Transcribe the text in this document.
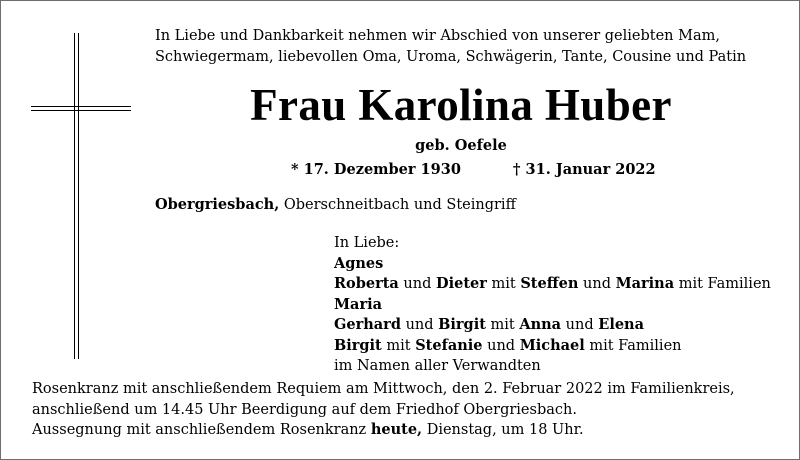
In Liebe und Dankbarkeit nehmen wir Abschied von unserer geliebten Mam,
Schwiegermam, liebevollen Oma, Uroma, Schwägerin, Tante, Cousine und Patin
Frau Karolina Huber
geb. Oefele
* 17. Dezember 1930	† 31. Januar 2022
Obergriesbach, Oberschneitbach und Steingriff
In Liebe:
Agnes
Roberta und Dieter mit Steffen und Marina mit Familien
Maria
Gerhard und Birgit mit Anna und Elena
Birgit mit Stefanie und Michael mit Familien
im Namen aller Verwandten
Rosenkranz mit anschließendem Requiem am Mittwoch, den 2. Februar 2022 im Familienkreis,
anschließend um 14.45 Uhr Beerdigung auf dem Friedhof Obergriesbach.
Aussegnung mit anschließendem Rosenkranz heute, Dienstag, um 18 Uhr.
